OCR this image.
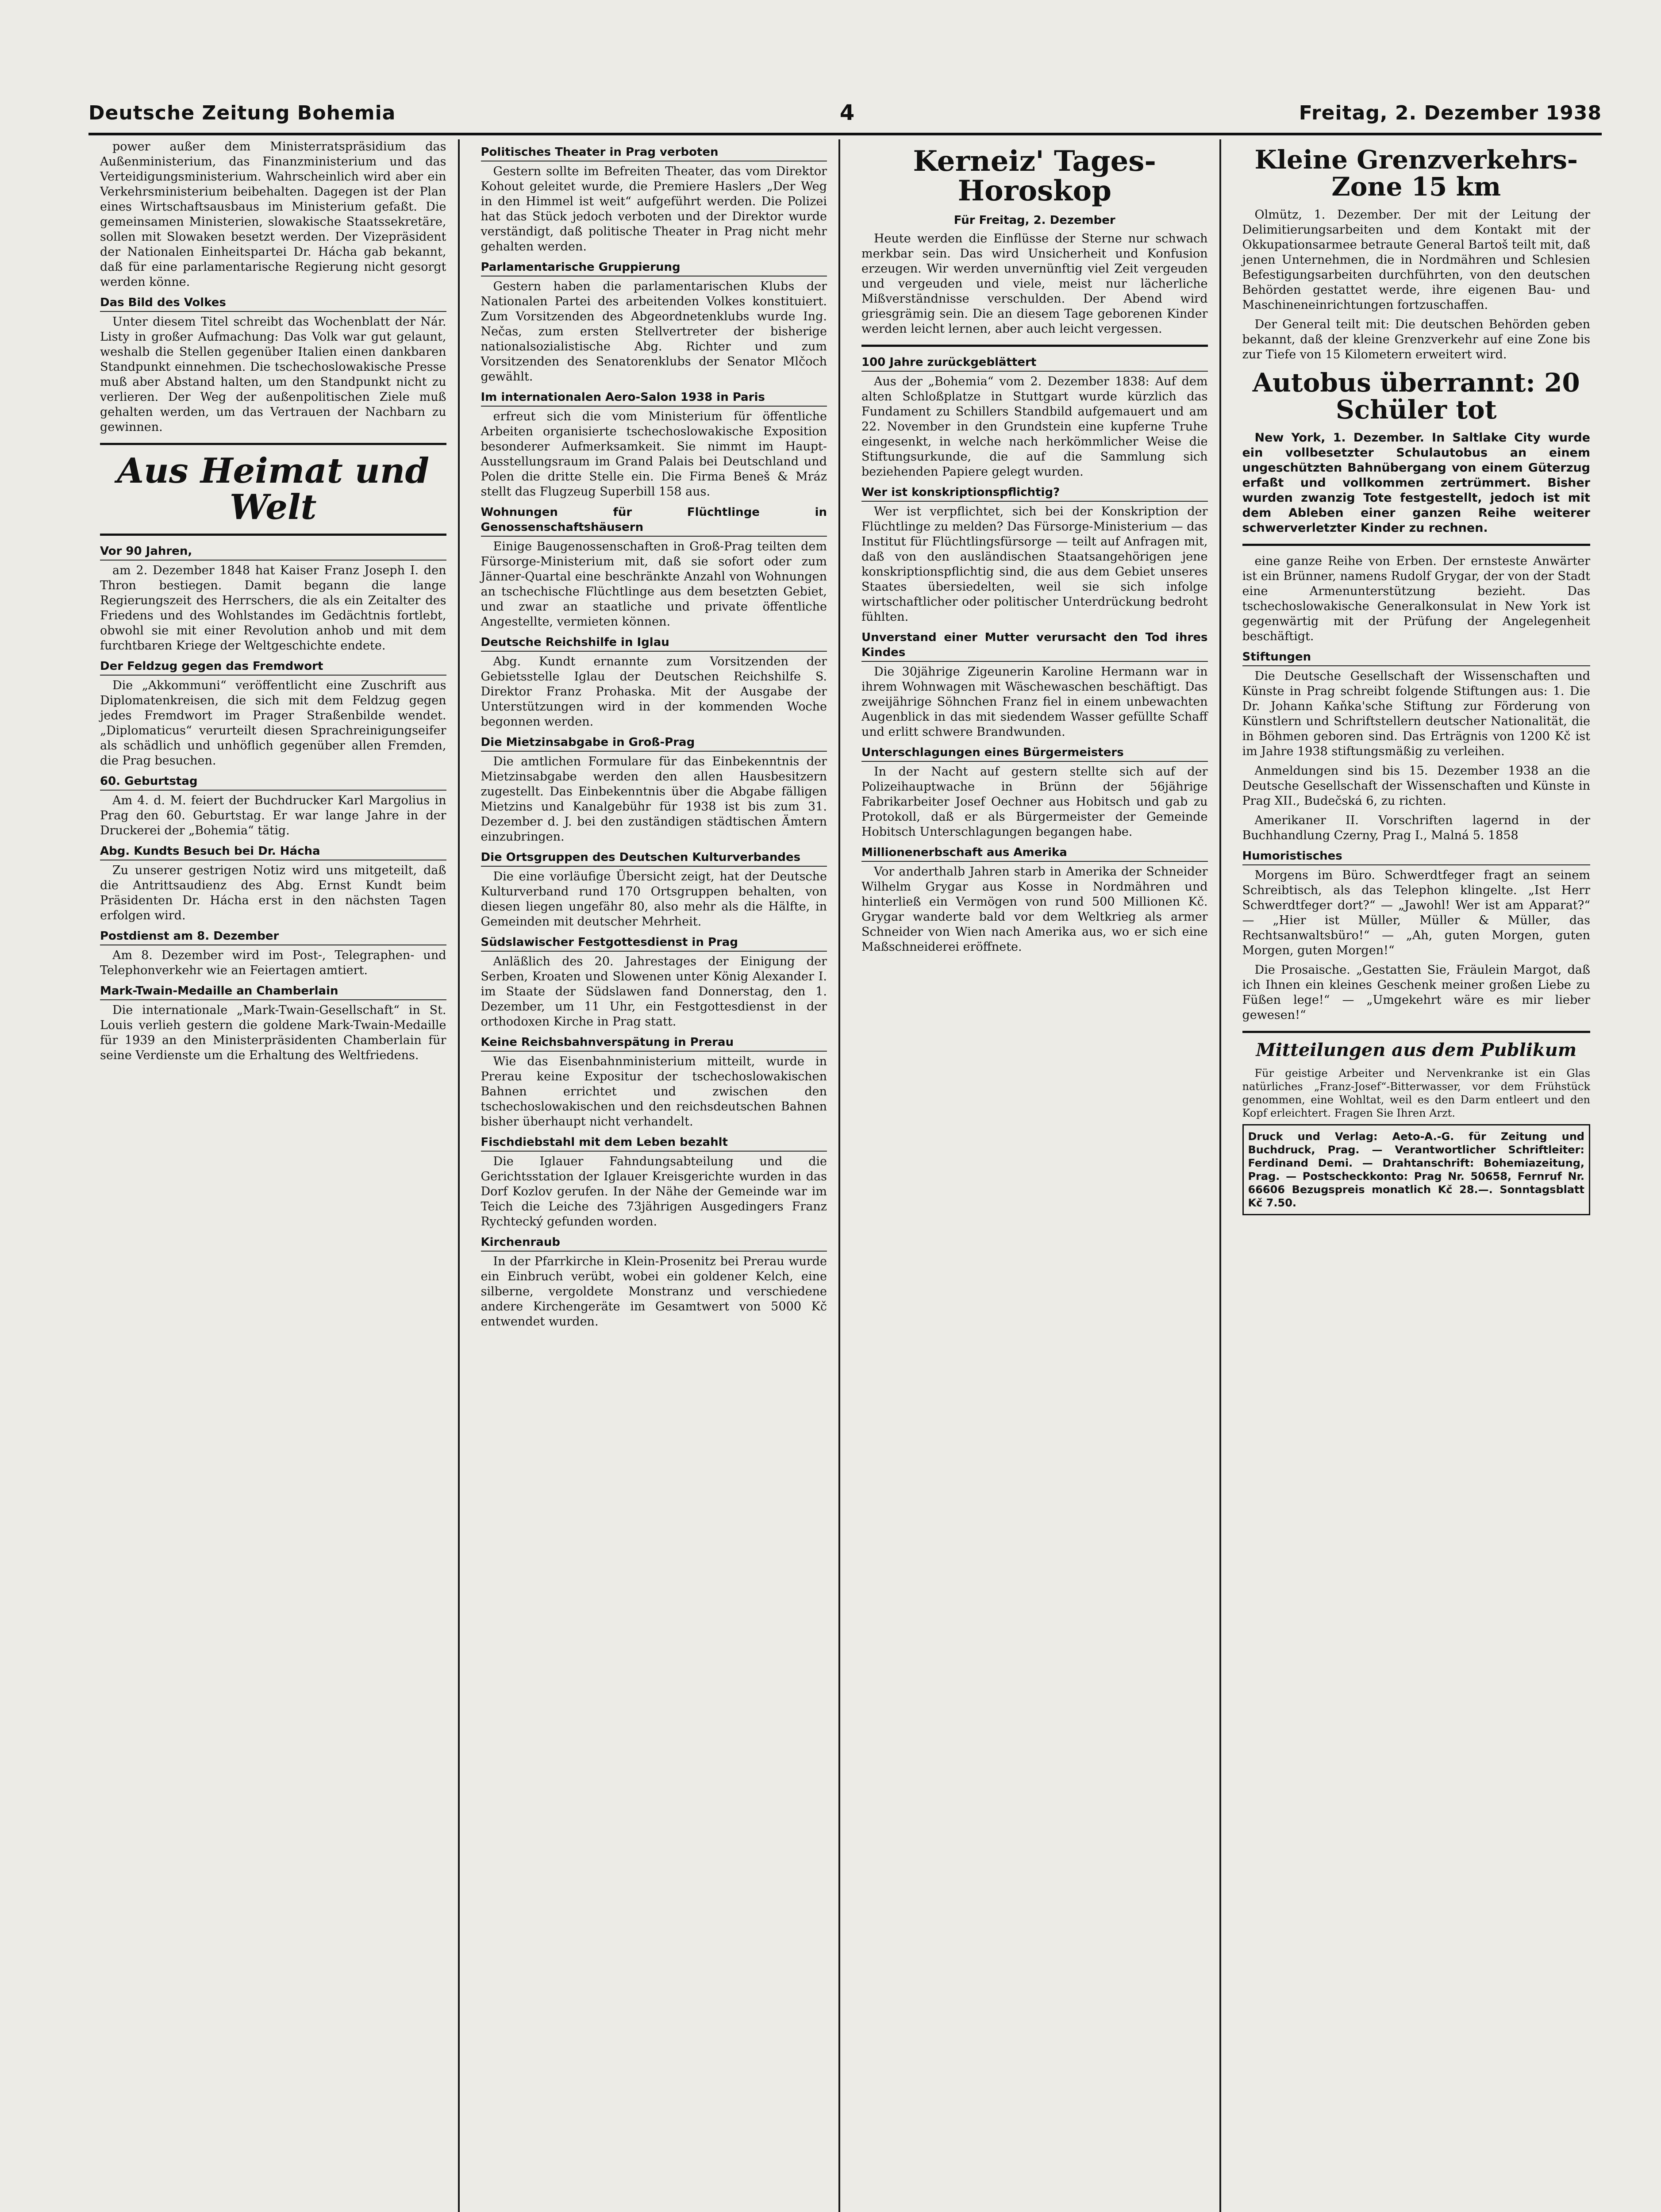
Deutsche Zeitung Bohemia	4	Freitag, 2. Dezember 1938

power außer dem Ministerratspräsidium das Außenministerium, das Finanzministerium und das Verteidigungsministerium. Wahrscheinlich wird aber ein Verkehrsministerium beibehalten. Dagegen ist der Plan eines Wirtschaftsausbaus im Ministerium gefaßt. Die gemeinsamen Ministerien, slowakische Staatssekretäre, sollen mit Slowaken besetzt werden. Der Vizepräsident der Nationalen Einheitspartei Dr. Hácha gab bekannt, daß für eine parlamentarische Regierung nicht gesorgt werden könne.

Das Bild des Volkes

Unter diesem Titel schreibt das Wochenblatt der Nár. Listy in großer Aufmachung: Das Volk war gut gelaunt, weshalb die Stellen gegenüber Italien einen dankbaren Standpunkt einnehmen. Die tschechoslowakische Presse muß aber Abstand halten, um den Standpunkt nicht zu verlieren. Der Weg der außenpolitischen Ziele muß gehalten werden, um das Vertrauen der Nachbarn zu gewinnen.

Aus Heimat und Welt
Vor 90 Jahren,

am 2. Dezember 1848 hat Kaiser Franz Joseph I. den Thron bestiegen. Damit begann die lange Regierungszeit des Herrschers, die als ein Zeitalter des Friedens und des Wohlstandes im Gedächtnis fortlebt, obwohl sie mit einer Revolution anhob und mit dem furchtbaren Kriege der Weltgeschichte endete.

Der Feldzug gegen das Fremdwort

Die „Akkommuni“ veröffentlicht eine Zuschrift aus Diplomatenkreisen, die sich mit dem Feldzug gegen jedes Fremdwort im Prager Straßenbilde wendet. „Diplomaticus“ verurteilt diesen Sprachreinigungseifer als schädlich und unhöflich gegenüber allen Fremden, die Prag besuchen.

60. Geburtstag

Am 4. d. M. feiert der Buchdrucker Karl Margolius in Prag den 60. Geburtstag. Er war lange Jahre in der Druckerei der „Bohemia“ tätig.

Abg. Kundts Besuch bei Dr. Hácha

Zu unserer gestrigen Notiz wird uns mitgeteilt, daß die Antrittsaudienz des Abg. Ernst Kundt beim Präsidenten Dr. Hácha erst in den nächsten Tagen erfolgen wird.

Postdienst am 8. Dezember

Am 8. Dezember wird im Post-, Telegraphen- und Telephonverkehr wie an Feiertagen amtiert.

Mark-Twain-Medaille an Chamberlain

Die internationale „Mark-Twain-Gesellschaft“ in St. Louis verlieh gestern die goldene Mark-Twain-Medaille für 1939 an den Ministerpräsidenten Chamberlain für seine Verdienste um die Erhaltung des Weltfriedens.

Politisches Theater in Prag verboten

Gestern sollte im Befreiten Theater, das vom Direktor Kohout geleitet wurde, die Premiere Haslers „Der Weg in den Himmel ist weit“ aufgeführt werden. Die Polizei hat das Stück jedoch verboten und der Direktor wurde verständigt, daß politische Theater in Prag nicht mehr gehalten werden.

Parlamentarische Gruppierung

Gestern haben die parlamentarischen Klubs der Nationalen Partei des arbeitenden Volkes konstituiert. Zum Vorsitzenden des Abgeordnetenklubs wurde Ing. Nečas, zum ersten Stellvertreter der bisherige nationalsozialistische Abg. Richter und zum Vorsitzenden des Senatorenklubs der Senator Mlčoch gewählt.

Im internationalen Aero-Salon 1938 in Paris

erfreut sich die vom Ministerium für öffentliche Arbeiten organisierte tschechoslowakische Exposition besonderer Aufmerksamkeit. Sie nimmt im Haupt-Ausstellungsraum im Grand Palais bei Deutschland und Polen die dritte Stelle ein. Die Firma Beneš & Mráz stellt das Flugzeug Superbill 158 aus.

Wohnungen für Flüchtlinge in Genossenschaftshäusern

Einige Baugenossenschaften in Groß-Prag teilten dem Fürsorge-Ministerium mit, daß sie sofort oder zum Jänner-Quartal eine beschränkte Anzahl von Wohnungen an tschechische Flüchtlinge aus dem besetzten Gebiet, und zwar an staatliche und private öffentliche Angestellte, vermieten können.

Deutsche Reichshilfe in Iglau

Abg. Kundt ernannte zum Vorsitzenden der Gebietsstelle Iglau der Deutschen Reichshilfe S. Direktor Franz Prohaska. Mit der Ausgabe der Unterstützungen wird in der kommenden Woche begonnen werden.

Die Mietzinsabgabe in Groß-Prag

Die amtlichen Formulare für das Einbekenntnis der Mietzinsabgabe werden den allen Hausbesitzern zugestellt. Das Einbekenntnis über die Abgabe fälligen Mietzins und Kanalgebühr für 1938 ist bis zum 31. Dezember d. J. bei den zuständigen städtischen Ämtern einzubringen.

Die Ortsgruppen des Deutschen Kulturverbandes

Die eine vorläufige Übersicht zeigt, hat der Deutsche Kulturverband rund 170 Ortsgruppen behalten, von diesen liegen ungefähr 80, also mehr als die Hälfte, in Gemeinden mit deutscher Mehrheit.

Südslawischer Festgottesdienst in Prag

Anläßlich des 20. Jahrestages der Einigung der Serben, Kroaten und Slowenen unter König Alexander I. im Staate der Südslawen fand Donnerstag, den 1. Dezember, um 11 Uhr, ein Festgottesdienst in der orthodoxen Kirche in Prag statt.

Keine Reichsbahnverspätung in Prerau

Wie das Eisenbahnministerium mitteilt, wurde in Prerau keine Expositur der tschechoslowakischen Bahnen errichtet und zwischen den tschechoslowakischen und den reichsdeutschen Bahnen bisher überhaupt nicht verhandelt.

Fischdiebstahl mit dem Leben bezahlt

Die Iglauer Fahndungsabteilung und die Gerichtsstation der Iglauer Kreisgerichte wurden in das Dorf Kozlov gerufen. In der Nähe der Gemeinde war im Teich die Leiche des 73jährigen Ausgedingers Franz Rychtecký gefunden worden.

Kirchenraub

In der Pfarrkirche in Klein-Prosenitz bei Prerau wurde ein Einbruch verübt, wobei ein goldener Kelch, eine silberne, vergoldete Monstranz und verschiedene andere Kirchengeräte im Gesamtwert von 5000 Kč entwendet wurden.

Kerneiz' Tages-Horoskop
Für Freitag, 2. Dezember

Heute werden die Einflüsse der Sterne nur schwach merkbar sein. Das wird Unsicherheit und Konfusion erzeugen. Wir werden unvernünftig viel Zeit vergeuden und vergeuden und viele, meist nur lächerliche Mißverständnisse verschulden. Der Abend wird griesgrämig sein. Die an diesem Tage geborenen Kinder werden leicht lernen, aber auch leicht vergessen.

100 Jahre zurückgeblättert

Aus der „Bohemia“ vom 2. Dezember 1838: Auf dem alten Schloßplatze in Stuttgart wurde kürzlich das Fundament zu Schillers Standbild aufgemauert und am 22. November in den Grundstein eine kupferne Truhe eingesenkt, in welche nach herkömmlicher Weise die Stiftungsurkunde, die auf die Sammlung sich beziehenden Papiere gelegt wurden.

Wer ist konskriptionspflichtig?

Wer ist verpflichtet, sich bei der Konskription der Flüchtlinge zu melden? Das Fürsorge-Ministerium — das Institut für Flüchtlingsfürsorge — teilt auf Anfragen mit, daß von den ausländischen Staatsangehörigen jene konskriptionspflichtig sind, die aus dem Gebiet unseres Staates übersiedelten, weil sie sich infolge wirtschaftlicher oder politischer Unterdrückung bedroht fühlten.

Unverstand einer Mutter verursacht den Tod ihres Kindes

Die 30jährige Zigeunerin Karoline Hermann war in ihrem Wohnwagen mit Wäschewaschen beschäftigt. Das zweijährige Söhnchen Franz fiel in einem unbewachten Augenblick in das mit siedendem Wasser gefüllte Schaff und erlitt schwere Brandwunden.

Unterschlagungen eines Bürgermeisters

In der Nacht auf gestern stellte sich auf der Polizeihauptwache in Brünn der 56jährige Fabrikarbeiter Josef Oechner aus Hobitsch und gab zu Protokoll, daß er als Bürgermeister der Gemeinde Hobitsch Unterschlagungen begangen habe.

Millionenerbschaft aus Amerika

Vor anderthalb Jahren starb in Amerika der Schneider Wilhelm Grygar aus Kosse in Nordmähren und hinterließ ein Vermögen von rund 500 Millionen Kč. Grygar wanderte bald vor dem Weltkrieg als armer Schneider von Wien nach Amerika aus, wo er sich eine Maßschneiderei eröffnete.

Kleine Grenzverkehrs-Zone 15 km

Olmütz, 1. Dezember. Der mit der Leitung der Delimitierungsarbeiten und dem Kontakt mit der Okkupationsarmee betraute General Bartoš teilt mit, daß jenen Unternehmen, die in Nordmähren und Schlesien Befestigungsarbeiten durchführten, von den deutschen Behörden gestattet werde, ihre eigenen Bau- und Maschineneinrichtungen fortzuschaffen.

Der General teilt mit: Die deutschen Behörden geben bekannt, daß der kleine Grenzverkehr auf eine Zone bis zur Tiefe von 15 Kilometern erweitert wird.

Autobus überrannt: 20 Schüler tot

New York, 1. Dezember. In Saltlake City wurde ein vollbesetzter Schulautobus an einem ungeschützten Bahnübergang von einem Güterzug erfaßt und vollkommen zertrümmert. Bisher wurden zwanzig Tote festgestellt, jedoch ist mit dem Ableben einer ganzen Reihe weiterer schwerverletzter Kinder zu rechnen.

eine ganze Reihe von Erben. Der ernsteste Anwärter ist ein Brünner, namens Rudolf Grygar, der von der Stadt eine Armenunterstützung bezieht. Das tschechoslowakische Generalkonsulat in New York ist gegenwärtig mit der Prüfung der Angelegenheit beschäftigt.

Stiftungen

Die Deutsche Gesellschaft der Wissenschaften und Künste in Prag schreibt folgende Stiftungen aus: 1. Die Dr. Johann Kaňka'sche Stiftung zur Förderung von Künstlern und Schriftstellern deutscher Nationalität, die in Böhmen geboren sind. Das Erträgnis von 1200 Kč ist im Jahre 1938 stiftungsmäßig zu verleihen.

Anmeldungen sind bis 15. Dezember 1938 an die Deutsche Gesellschaft der Wissenschaften und Künste in Prag XII., Budečská 6, zu richten.

Amerikaner II. Vorschriften lagernd in der Buchhandlung Czerny, Prag I., Malná 5. 1858

Humoristisches

Morgens im Büro. Schwerdtfeger fragt an seinem Schreibtisch, als das Telephon klingelte. „Ist Herr Schwerdtfeger dort?“ — „Jawohl! Wer ist am Apparat?“ — „Hier ist Müller, Müller & Müller, das Rechtsanwaltsbüro!“ — „Ah, guten Morgen, guten Morgen, guten Morgen!“

Die Prosaische. „Gestatten Sie, Fräulein Margot, daß ich Ihnen ein kleines Geschenk meiner großen Liebe zu Füßen lege!“ — „Umgekehrt wäre es mir lieber gewesen!“

Mitteilungen aus dem Publikum

Für geistige Arbeiter und Nervenkranke ist ein Glas natürliches „Franz-Josef“-Bitterwasser, vor dem Frühstück genommen, eine Wohltat, weil es den Darm entleert und den Kopf erleichtert. Fragen Sie Ihren Arzt.

Druck und Verlag: Aeto-A.-G. für Zeitung und Buchdruck, Prag. — Verantwortlicher Schriftleiter: Ferdinand Demi. — Drahtanschrift: Bohemiazeitung, Prag. — Postscheckkonto: Prag Nr. 50658, Fernruf Nr. 66606 Bezugspreis monatlich Kč 28.—. Sonntagsblatt Kč 7.50.
